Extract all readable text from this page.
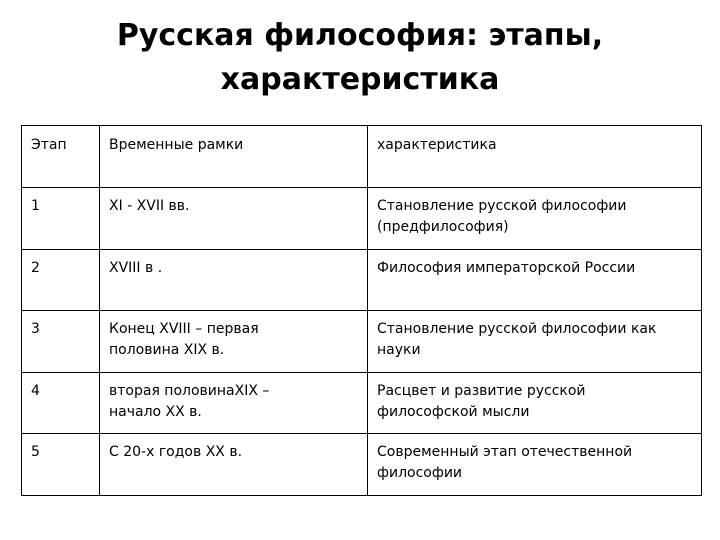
Русская философия: этапы,
характеристика
Этап	Временные рамки	характеристика
1	XI - XVII вв.	Становление русской философии
(предфилософия)
2	XVIII в .	Философия императорской России
3	Конец XVIII – первая
половина XIX в.	Становление русской философии как
науки
4	вторая половинаXIX –
начало XX в.	Расцвет и развитие русской
философской мысли
5	С 20-х годов XX в.	Современный этап отечественной
философии
